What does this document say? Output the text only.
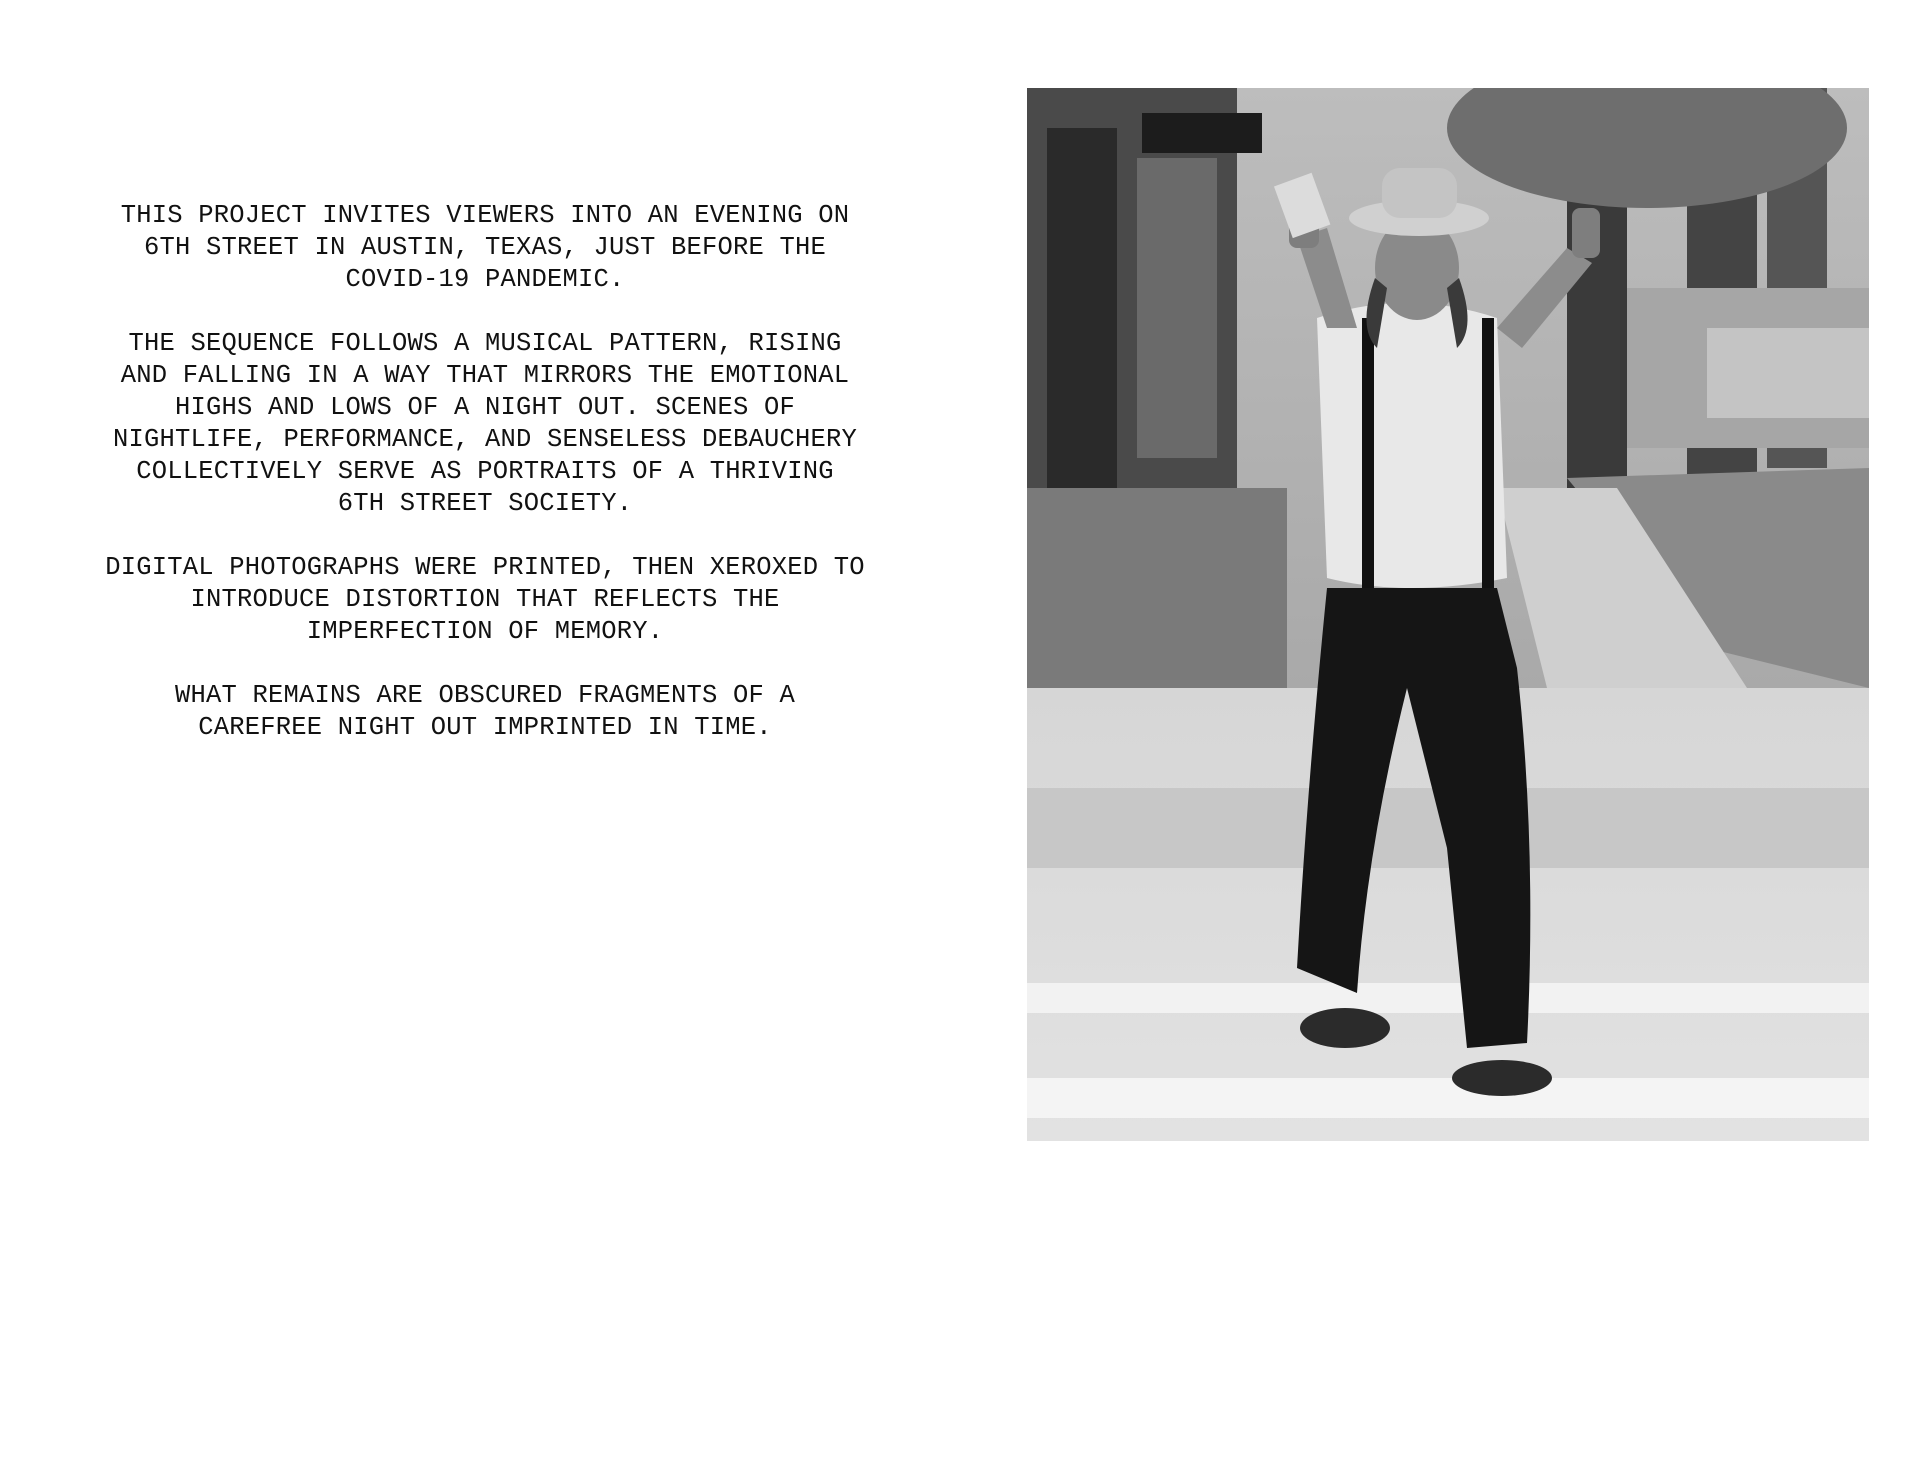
THIS PROJECT INVITES VIEWERS INTO AN EVENING ON
6TH STREET IN AUSTIN, TEXAS, JUST BEFORE THE
COVID-19 PANDEMIC.

THE SEQUENCE FOLLOWS A MUSICAL PATTERN, RISING
AND FALLING IN A WAY THAT MIRRORS THE EMOTIONAL
HIGHS AND LOWS OF A NIGHT OUT. SCENES OF
NIGHTLIFE, PERFORMANCE, AND SENSELESS DEBAUCHERY
COLLECTIVELY SERVE AS PORTRAITS OF A THRIVING
6TH STREET SOCIETY.

DIGITAL PHOTOGRAPHS WERE PRINTED, THEN XEROXED TO
INTRODUCE DISTORTION THAT REFLECTS THE
IMPERFECTION OF MEMORY.

WHAT REMAINS ARE OBSCURED FRAGMENTS OF A
CAREFREE NIGHT OUT IMPRINTED IN TIME.
